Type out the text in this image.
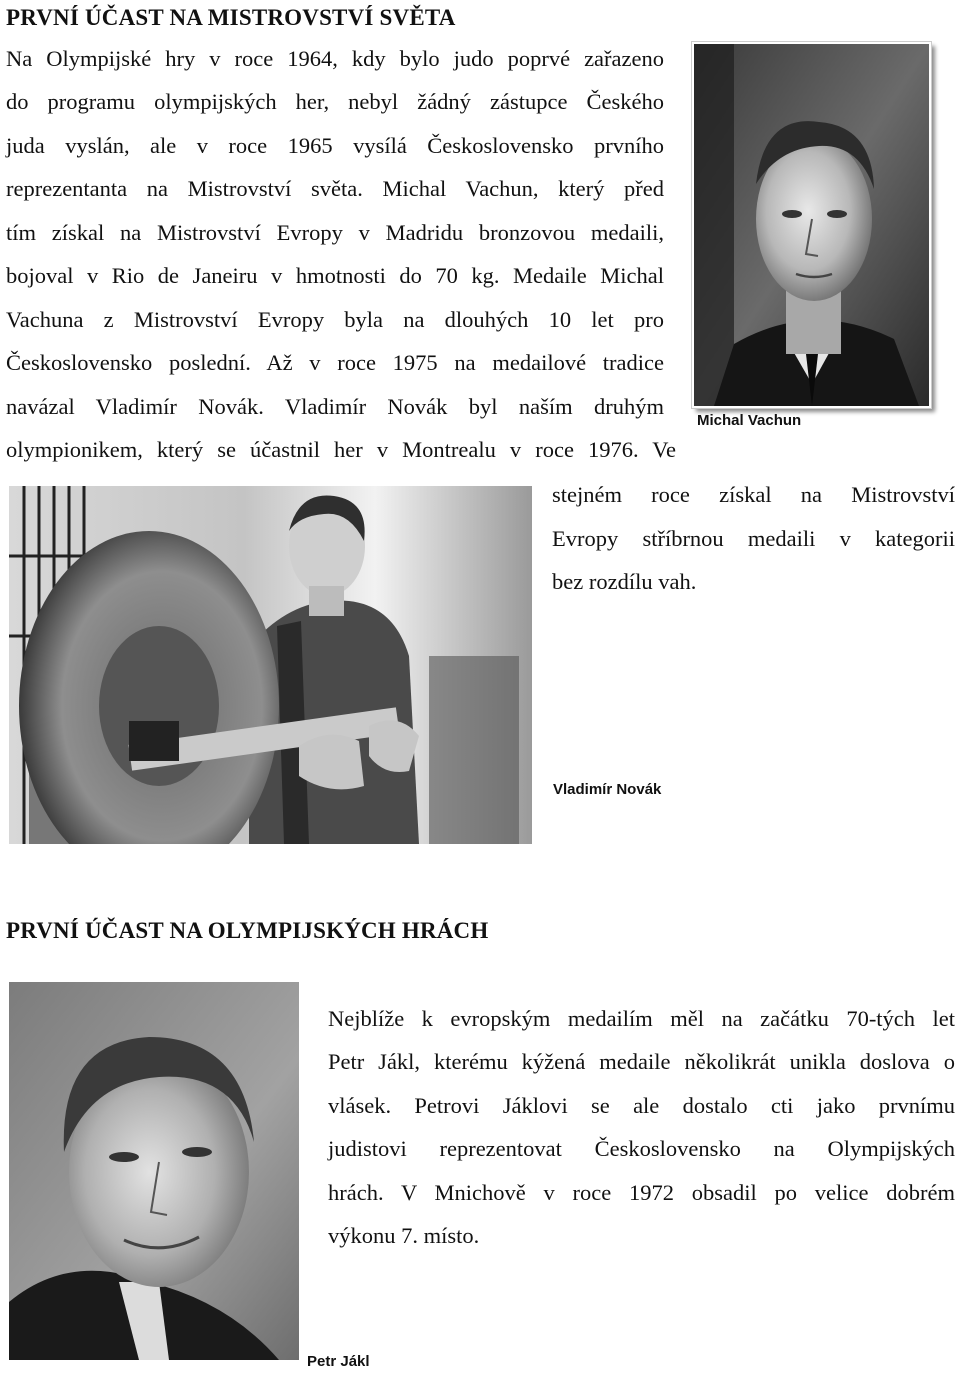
PRVNÍ ÚČAST NA MISTROVSTVÍ SVĚTA
Na Olympijské hry v roce 1964, kdy bylo judo poprvé zařazeno
do programu olympijských her, nebyl žádný zástupce Českého
juda vyslán, ale v roce 1965 vysílá Československo prvního
reprezentanta na Mistrovství světa. Michal Vachun, který před
tím získal na Mistrovství Evropy v Madridu bronzovou medaili,
bojoval v Rio de Janeiru v hmotnosti do 70 kg. Medaile Michal
Vachuna z Mistrovství Evropy byla na dlouhých 10 let pro
Československo poslední. Až v roce 1975 na medailové tradice
navázal Vladimír Novák. Vladimír Novák byl naším druhým
olympionikem, který se účastnil her v Montrealu v roce 1976. Ve
stejném roce získal na Mistrovství
Evropy stříbrnou medaili v kategorii
bez rozdílu vah.
Michal Vachun
Vladimír Novák
PRVNÍ ÚČAST NA OLYMPIJSKÝCH HRÁCH
Petr Jákl
Nejblíže k evropským medailím měl na začátku 70-tých let
Petr Jákl, kterému kýžená medaile několikrát unikla doslova o
vlásek. Petrovi Jáklovi se ale dostalo cti jako prvnímu
judistovi reprezentovat Československo na Olympijských
hrách. V Mnichově v roce 1972 obsadil po velice dobrém
výkonu 7. místo.
